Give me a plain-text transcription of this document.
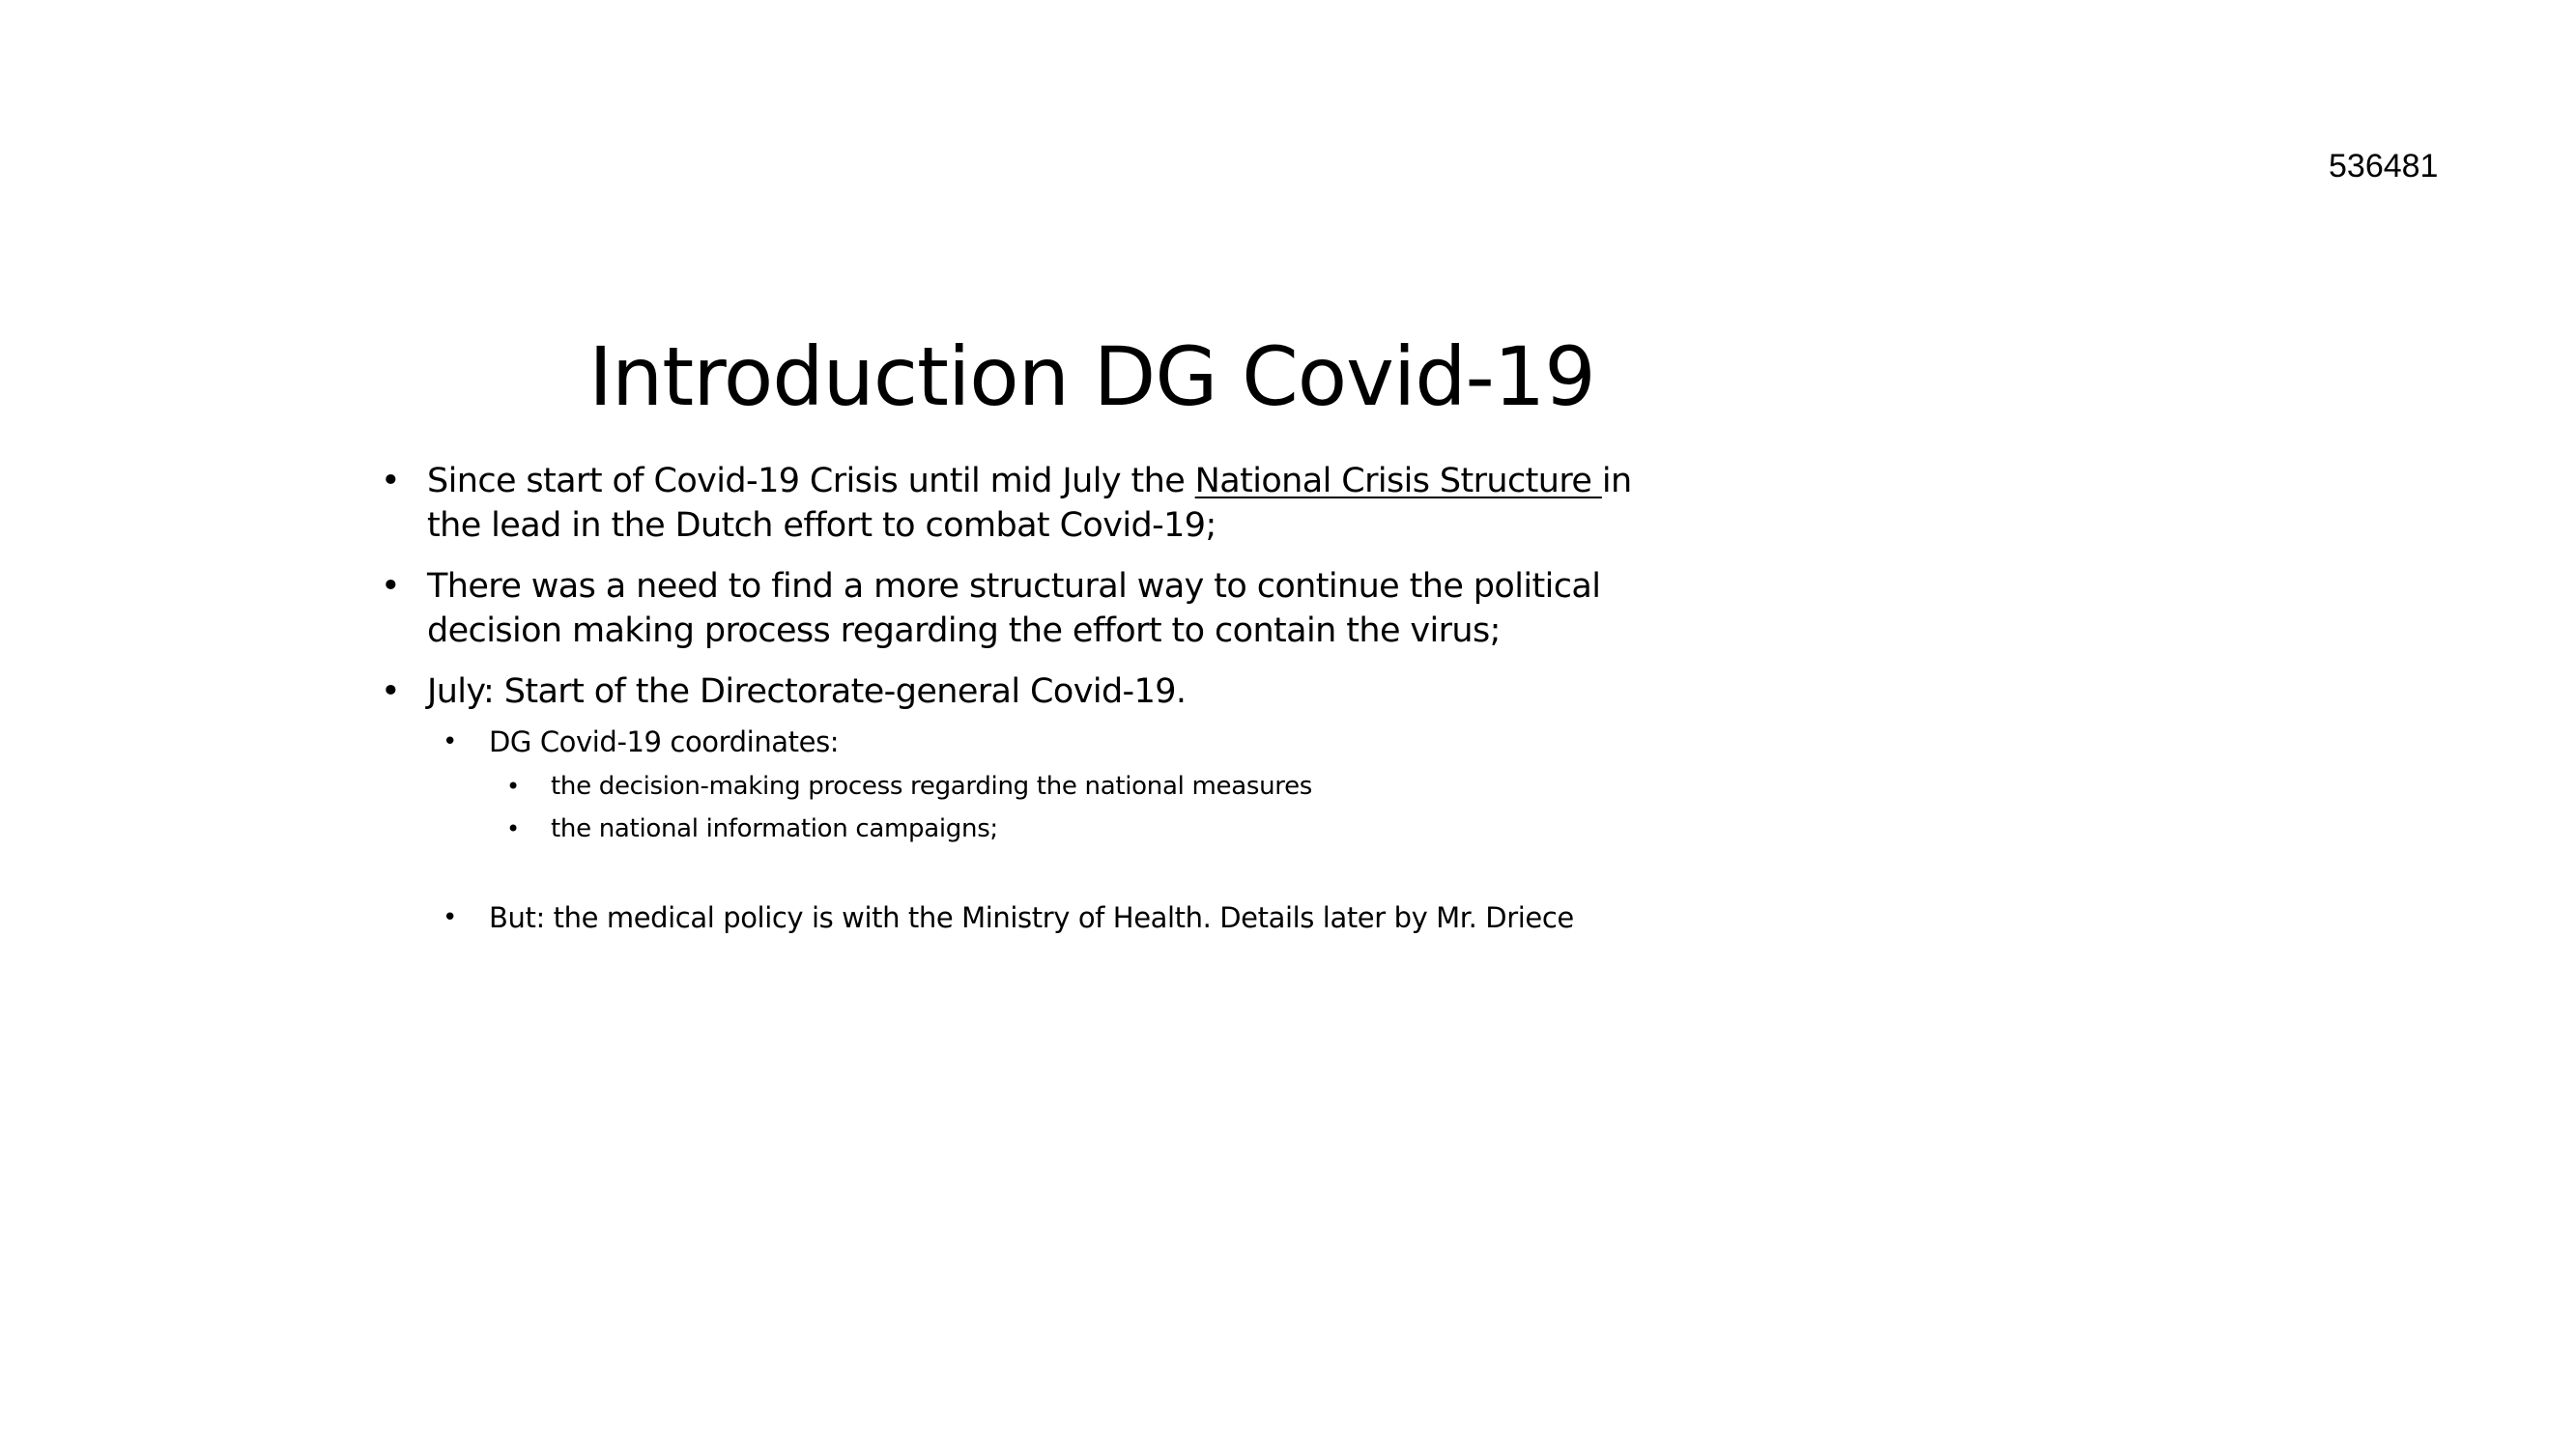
536481
Introduction DG Covid-19
• Since start of Covid-19 Crisis until mid July the National Crisis Structure in
the lead in the Dutch effort to combat Covid-19;
• There was a need to find a more structural way to continue the political
decision making process regarding the effort to contain the virus;
• July: Start of the Directorate-general Covid-19.
• DG Covid-19 coordinates:
• the decision-making process regarding the national measures
• the national information campaigns;
• But: the medical policy is with the Ministry of Health. Details later by Mr. Driece
